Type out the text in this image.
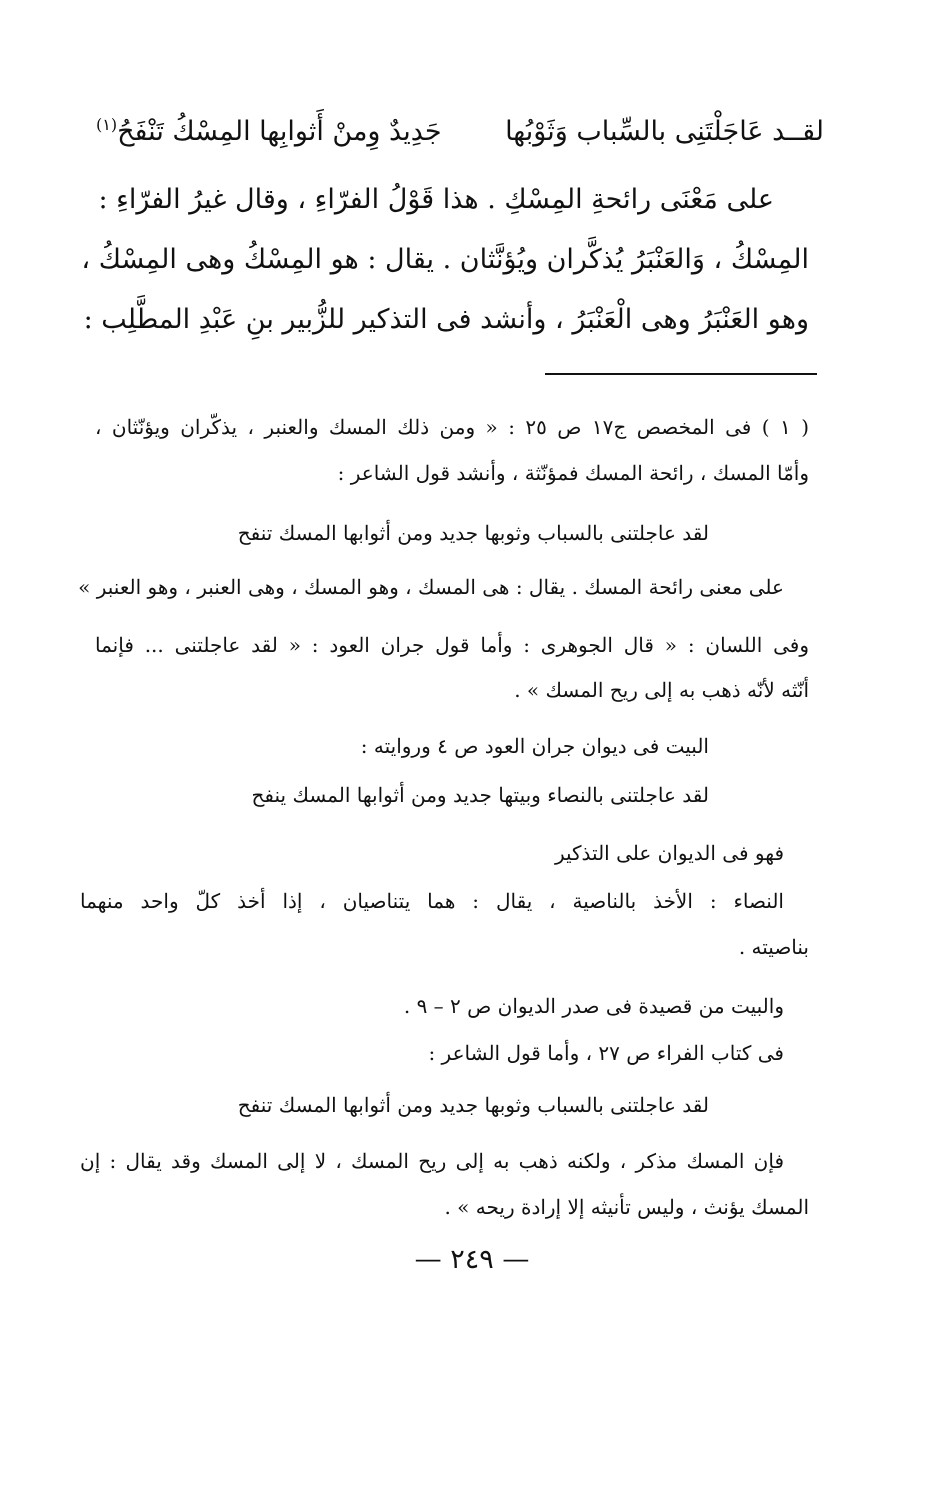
لقــد عَاجَلْتَنِى بالسِّباب وَثَوْبُها
جَدِيدٌ وِمنْ أَثوابِها المِسْكُ تَنْفَحُ$^{(١)}$
على مَعْنَى رائحةِ المِسْكِ . هذا قَوْلُ الفرّاءِ ، وقال غيرُ الفرّاءِ :
المِسْكُ ، وَالعَنْبَرُ يُذكَّران ويُؤنَّثان . يقال : هو المِسْكُ وهى المِسْكُ ،
وهو العَنْبَرُ وهى الْعَنْبَرُ ، وأنشد فى التذكير للزُّبير بنِ عَبْدِ المطَّلِب :
( ١ ) فى المخصص ج١٧ ص ٢٥ : « ومن ذلك المسك والعنبر ، يذكّران ويؤنّثان ،
وأمّا المسك ، رائحة المسك فمؤنّثة ، وأنشد قول الشاعر :
لقد عاجلتنى بالسباب وثوبها جديد ومن أثوابها المسك تنفح
على معنى رائحة المسك . يقال : هى المسك ، وهو المسك ، وهى العنبر ، وهو العنبر »
وفى اللسان : « قال الجوهرى : وأما قول جران العود : « لقد عاجلتنى ... فإنما
أنّثه لأنّه ذهب به إلى ريح المسك » .
البيت فى ديوان جران العود ص ٤ وروايته :
لقد عاجلتنى بالنصاء وبيتها جديد ومن أثوابها المسك ينفح
فهو فى الديوان على التذكير
النصاء : الأخذ بالناصية ، يقال : هما يتناصيان ، إذا أخذ كلّ واحد منهما
بناصيته .
والبيت من قصيدة فى صدر الديوان ص ٢ – ٩ .
فى كتاب الفراء ص ٢٧ ، وأما قول الشاعر :
لقد عاجلتنى بالسباب وثوبها جديد ومن أثوابها المسك تنفح
فإن المسك مذكر ، ولكنه ذهب به إلى ريح المسك ، لا إلى المسك وقد يقال : إن
المسك يؤنث ، وليس تأنيثه إلا إرادة ريحه » .
— ٢٤٩ —
